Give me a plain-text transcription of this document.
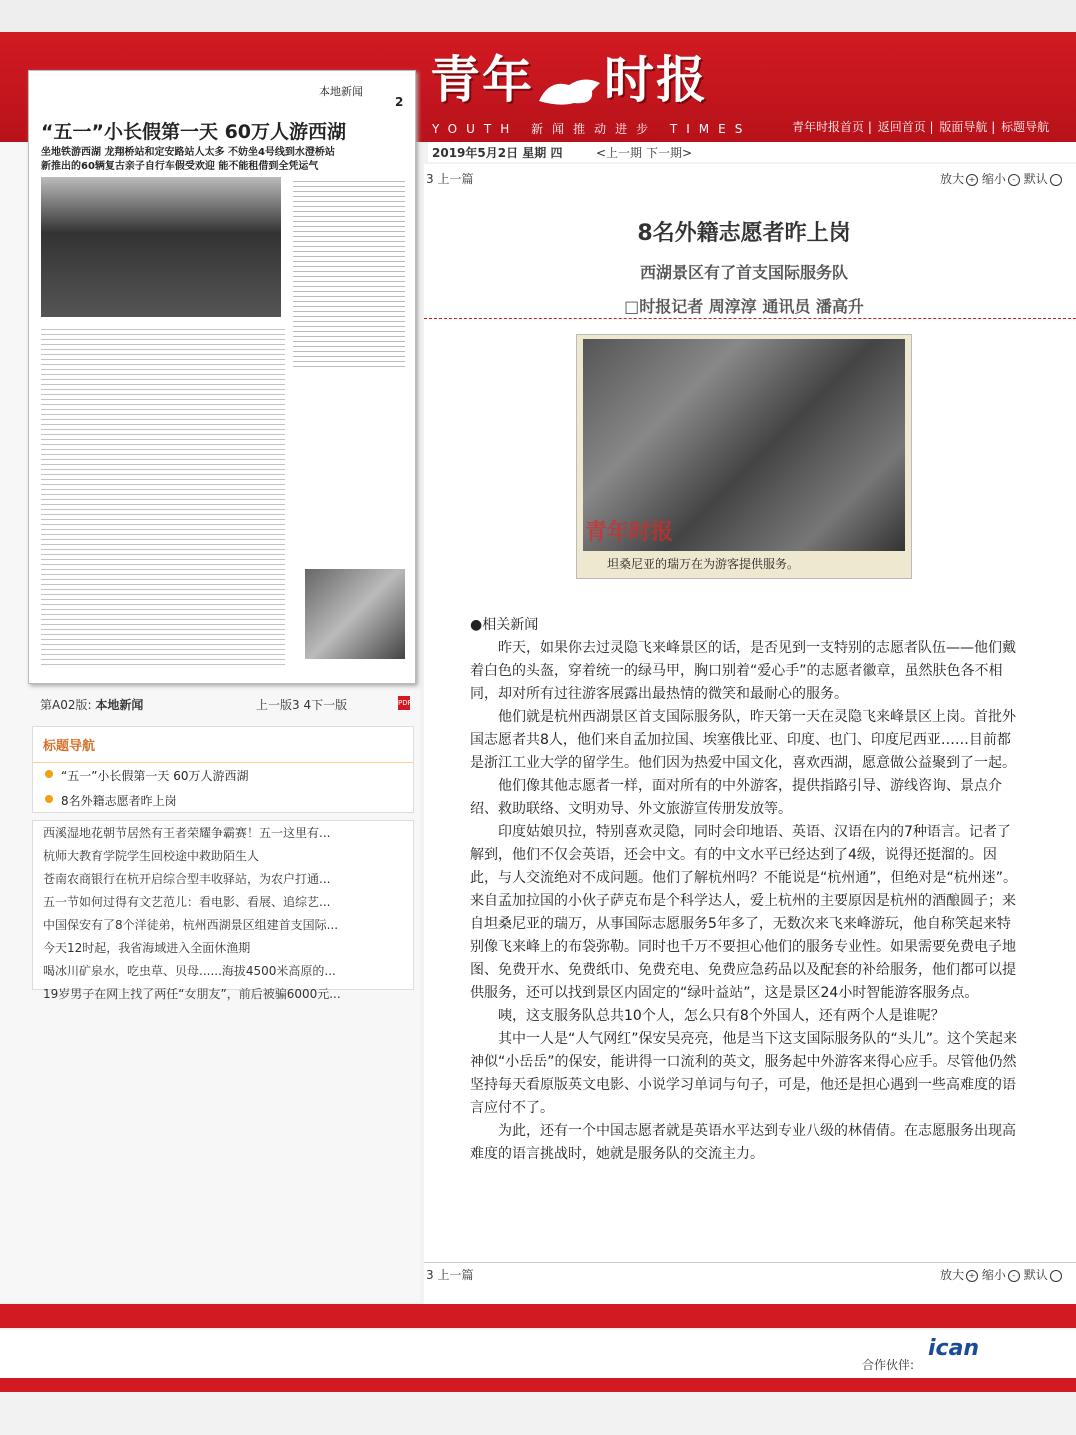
青年 时报
YOUTH 新闻推动进步 TIMES	青年时报首页 | 返回首页 | 版面导航 | 标题导航
2019年5月2日 星期 四	<上一期 下一期>
本地新闻
2
“五一”小长假第一天 60万人游西湖
坐地铁游西湖 龙翔桥站和定安路站人太多 不妨坐4号线到水澄桥站
新推出的60辆复古亲子自行车假受欢迎 能不能租借到全凭运气
第A02版: 本地新闻	上一版3 4下一版	PDF
标题导航
“五一”小长假第一天 60万人游西湖
8名外籍志愿者昨上岗
西溪湿地花朝节居然有王者荣耀争霸赛！五一这里有...
杭师大教育学院学生回校途中救助陌生人
苍南农商银行在杭开启综合型丰收驿站，为农户打通...
五一节如何过得有文艺范儿：看电影、看展、追综艺...
中国保安有了8个洋徒弟，杭州西湖景区组建首支国际...
今天12时起，我省海域进入全面休渔期
喝冰川矿泉水，吃虫草、贝母......海拔4500米高原的...
19岁男子在网上找了两任“女朋友”，前后被骗6000元...
3 上一篇	放大 + 缩小 - 默认
8名外籍志愿者昨上岗
西湖景区有了首支国际服务队
□时报记者 周淳淳 通讯员 潘高升
青年时报
坦桑尼亚的瑞万在为游客提供服务。

●相关新闻

昨天，如果你去过灵隐飞来峰景区的话，是否见到一支特别的志愿者队伍——他们戴着白色的头盔，穿着统一的绿马甲，胸口别着“爱心手”的志愿者徽章，虽然肤色各不相同，却对所有过往游客展露出最热情的微笑和最耐心的服务。

他们就是杭州西湖景区首支国际服务队，昨天第一天在灵隐飞来峰景区上岗。首批外国志愿者共8人，他们来自孟加拉国、埃塞俄比亚、印度、也门、印度尼西亚……目前都是浙江工业大学的留学生。他们因为热爱中国文化，喜欢西湖，愿意做公益聚到了一起。

他们像其他志愿者一样，面对所有的中外游客，提供指路引导、游线咨询、景点介绍、救助联络、文明劝导、外文旅游宣传册发放等。

印度姑娘贝拉，特别喜欢灵隐，同时会印地语、英语、汉语在内的7种语言。记者了解到，他们不仅会英语，还会中文。有的中文水平已经达到了4级，说得还挺溜的。因此，与人交流绝对不成问题。他们了解杭州吗？不能说是“杭州通”，但绝对是“杭州迷”。来自孟加拉国的小伙子萨克布是个科学达人，爱上杭州的主要原因是杭州的酒酿圆子；来自坦桑尼亚的瑞万，从事国际志愿服务5年多了，无数次来飞来峰游玩，他自称笑起来特别像飞来峰上的布袋弥勒。同时也千万不要担心他们的服务专业性。如果需要免费电子地图、免费开水、免费纸巾、免费充电、免费应急药品以及配套的补给服务，他们都可以提供服务，还可以找到景区内固定的“绿叶益站”，这是景区24小时智能游客服务点。

咦，这支服务队总共10个人，怎么只有8个外国人，还有两个人是谁呢？

其中一人是“人气网红”保安吴亮亮，他是当下这支国际服务队的“头儿”。这个笑起来神似“小岳岳”的保安，能讲得一口流利的英文，服务起中外游客来得心应手。尽管他仍然坚持每天看原版英文电影、小说学习单词与句子，可是，他还是担心遇到一些高难度的语言应付不了。

为此，还有一个中国志愿者就是英语水平达到专业八级的林倩倩。在志愿服务出现高难度的语言挑战时，她就是服务队的交流主力。

3 上一篇	放大 + 缩小 - 默认
合作伙伴:
ican
